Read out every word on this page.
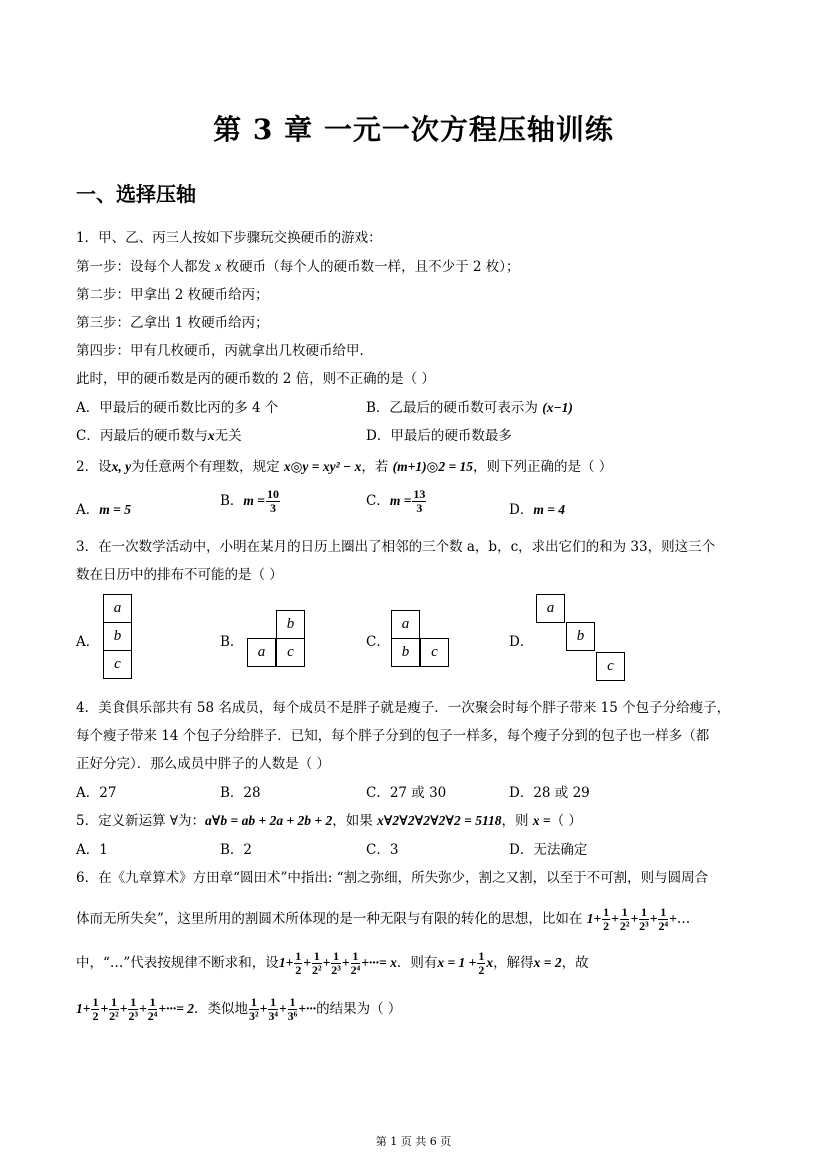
第 3 章 一元一次方程压轴训练
一、选择压轴
1．甲、乙、丙三人按如下步骤玩交换硬币的游戏：
第一步：设每个人都发 x 枚硬币（每个人的硬币数一样，且不少于 2 枚）；
第二步：甲拿出 2 枚硬币给丙；
第三步：乙拿出 1 枚硬币给丙；
第四步：甲有几枚硬币，丙就拿出几枚硬币给甲．
此时，甲的硬币数是丙的硬币数的 2 倍，则不正确的是（ ）
A．甲最后的硬币数比丙的多 4 个	B．乙最后的硬币数可表示为 (x−1)
C．丙最后的硬币数与x无关	D．甲最后的硬币数最多
2．设x, y为任意两个有理数，规定 x◎y = xy² − x，若 (m+1)◎2 = 15，则下列正确的是（ ）
A．m = 5
B．$m = \frac{10}{3}$	C．$m = \frac{13}{3}$	D．m = 4
3．在一次数学活动中，小明在某月的日历上圈出了相邻的三个数 a，b，c，求出它们的和为 33，则这三个
数在日历中的排布不可能的是（ ）
A．
a
b
c
B．
b
a	c
C．
a
b	c
D．
a
b
c
4．美食俱乐部共有 58 名成员，每个成员不是胖子就是瘦子．一次聚会时每个胖子带来 15 个包子分给瘦子，
每个瘦子带来 14 个包子分给胖子．已知，每个胖子分到的包子一样多，每个瘦子分到的包子也一样多（都
正好分完）．那么成员中胖子的人数是（ ）
A．27	B．28	C．27 或 30	D．28 或 29
5．定义新运算 ∀为：a∀b = ab + 2a + 2b + 2，如果 x∀2∀2∀2∀2∀2 = 5118，则 x =（ ）
A．1	B．2	C．3	D．无法确定
6．在《九章算术》方田章“圆田术”中指出: “割之弥细，所失弥少，割之又割，以至于不可割，则与圆周合
体而无所失矣”，这里所用的割圆术所体现的是一种无限与有限的转化的思想，比如在 $1+ \frac{1}{2} + \frac{1}{\text{2²}} + \frac{1}{\text{2³}} + \frac{1}{\text{2⁴}}$ +…
中，“…”代表按规律不断求和，设$1+ \frac{1}{2} + \frac{1}{\text{2²}} + \frac{1}{\text{2³}} + \frac{1}{\text{2⁴}}$ +···= x．则有$x = 1 + \frac{1}{2}$ x，解得x = 2，故
$1+ \frac{1}{2} + \frac{1}{\text{2²}} + \frac{1}{\text{2³}} + \frac{1}{\text{2⁴}}$ +···= 2．类似地 $\frac{1}{\text{3²}} + \frac{1}{\text{3⁴}} + \frac{1}{\text{3⁶}}$ +···的结果为（ ）
第 1 页 共 6 页
